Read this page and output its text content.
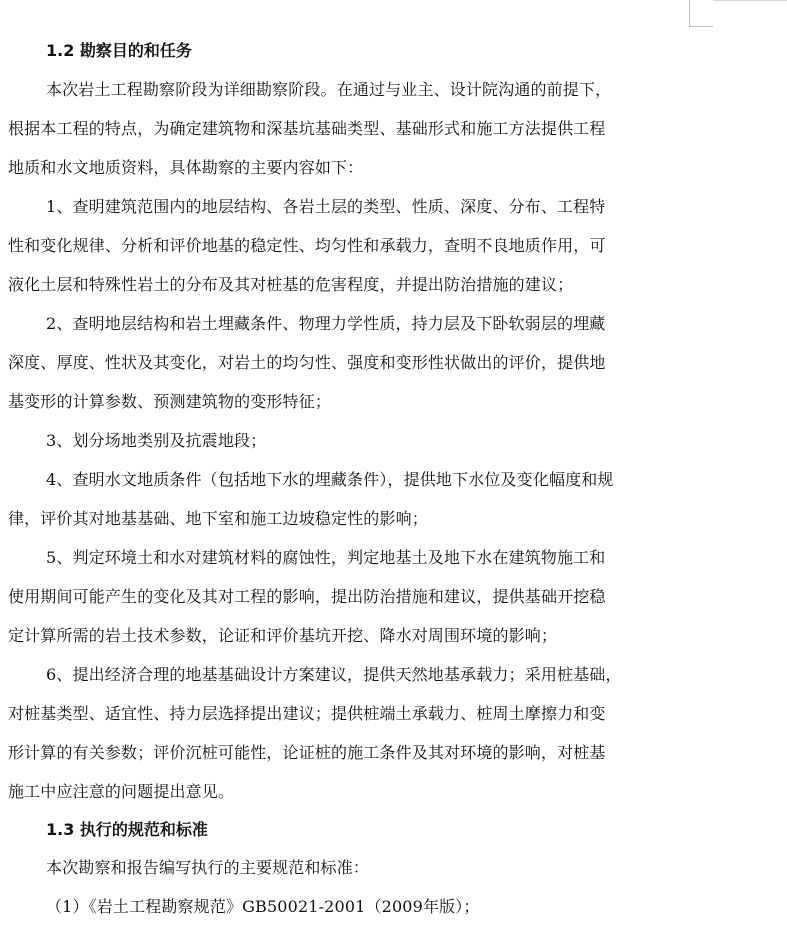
1.2 勘察目的和任务
本次岩土工程勘察阶段为详细勘察阶段。在通过与业主、设计院沟通的前提下，
根据本工程的特点，为确定建筑物和深基坑基础类型、基础形式和施工方法提供工程
地质和水文地质资料，具体勘察的主要内容如下：
1、查明建筑范围内的地层结构、各岩土层的类型、性质、深度、分布、工程特
性和变化规律、分析和评价地基的稳定性、均匀性和承载力，查明不良地质作用，可
液化土层和特殊性岩土的分布及其对桩基的危害程度，并提出防治措施的建议；
2、查明地层结构和岩土埋藏条件、物理力学性质，持力层及下卧软弱层的埋藏
深度、厚度、性状及其变化，对岩土的均匀性、强度和变形性状做出的评价，提供地
基变形的计算参数、预测建筑物的变形特征；
3、划分场地类别及抗震地段；
4、查明水文地质条件（包括地下水的埋藏条件），提供地下水位及变化幅度和规
律，评价其对地基基础、地下室和施工边坡稳定性的影响；
5、判定环境土和水对建筑材料的腐蚀性，判定地基土及地下水在建筑物施工和
使用期间可能产生的变化及其对工程的影响，提出防治措施和建议，提供基础开挖稳
定计算所需的岩土技术参数，论证和评价基坑开挖、降水对周围环境的影响；
6、提出经济合理的地基基础设计方案建议，提供天然地基承载力；采用桩基础，
对桩基类型、适宜性、持力层选择提出建议；提供桩端土承载力、桩周土摩擦力和变
形计算的有关参数；评价沉桩可能性，论证桩的施工条件及其对环境的影响，对桩基
施工中应注意的问题提出意见。
1.3 执行的规范和标准
本次勘察和报告编写执行的主要规范和标准：
（1）《岩土工程勘察规范》GB50021-2001（2009年版）；
